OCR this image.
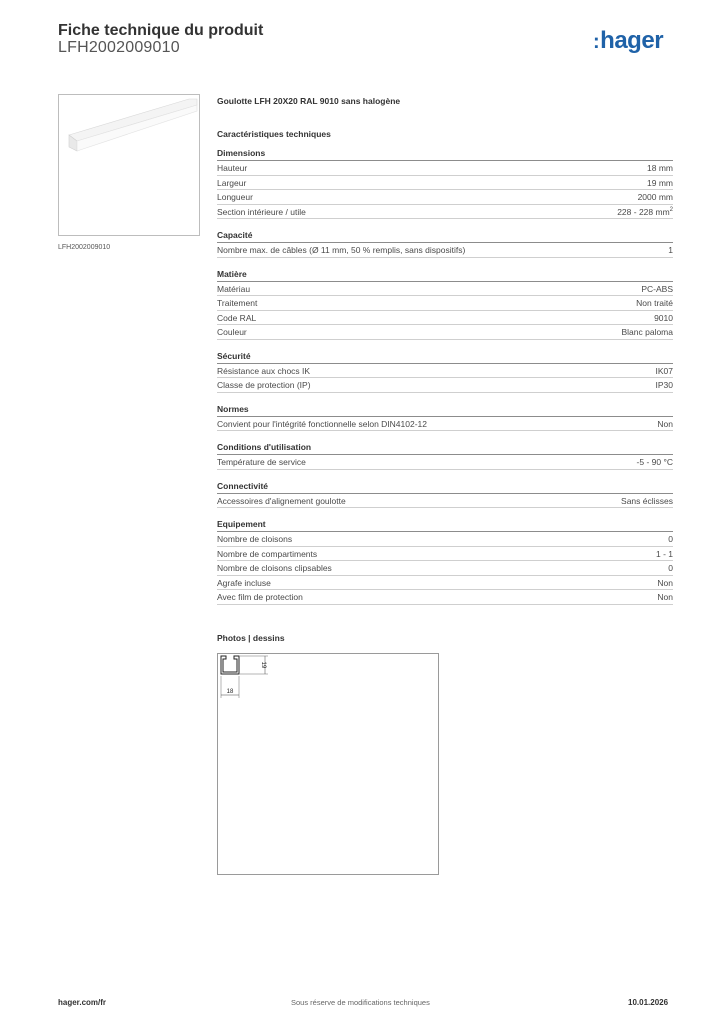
Fiche technique du produit
LFH2002009010	:hager
LFH2002009010
Goulotte LFH 20X20 RAL 9010 sans halogène
Caractéristiques techniques
Dimensions
Hauteur	18 mm
Largeur	19 mm
Longueur	2000 mm
Section intérieure / utile	228 - 228 $mm^2$
Capacité
Nombre max. de câbles (Ø 11 mm, 50 % remplis, sans dispositifs)	1
Matière
Matériau	PC-ABS
Traitement	Non traité
Code RAL	9010
Couleur	Blanc paloma
Sécurité
Résistance aux chocs IK	IK07
Classe de protection (IP)	IP30
Normes
Convient pour l'intégrité fonctionnelle selon DIN4102-12	Non
Conditions d'utilisation
Température de service	-5 - 90 °C
Connectivité
Accessoires d'alignement goulotte	Sans éclisses
Equipement
Nombre de cloisons	0
Nombre de compartiments	1 - 1
Nombre de cloisons clipsables	0
Agrafe incluse	Non
Avec film de protection	Non
Photos | dessins
19
18
hager.com/fr	Sous réserve de modifications techniques	10.01.2026
